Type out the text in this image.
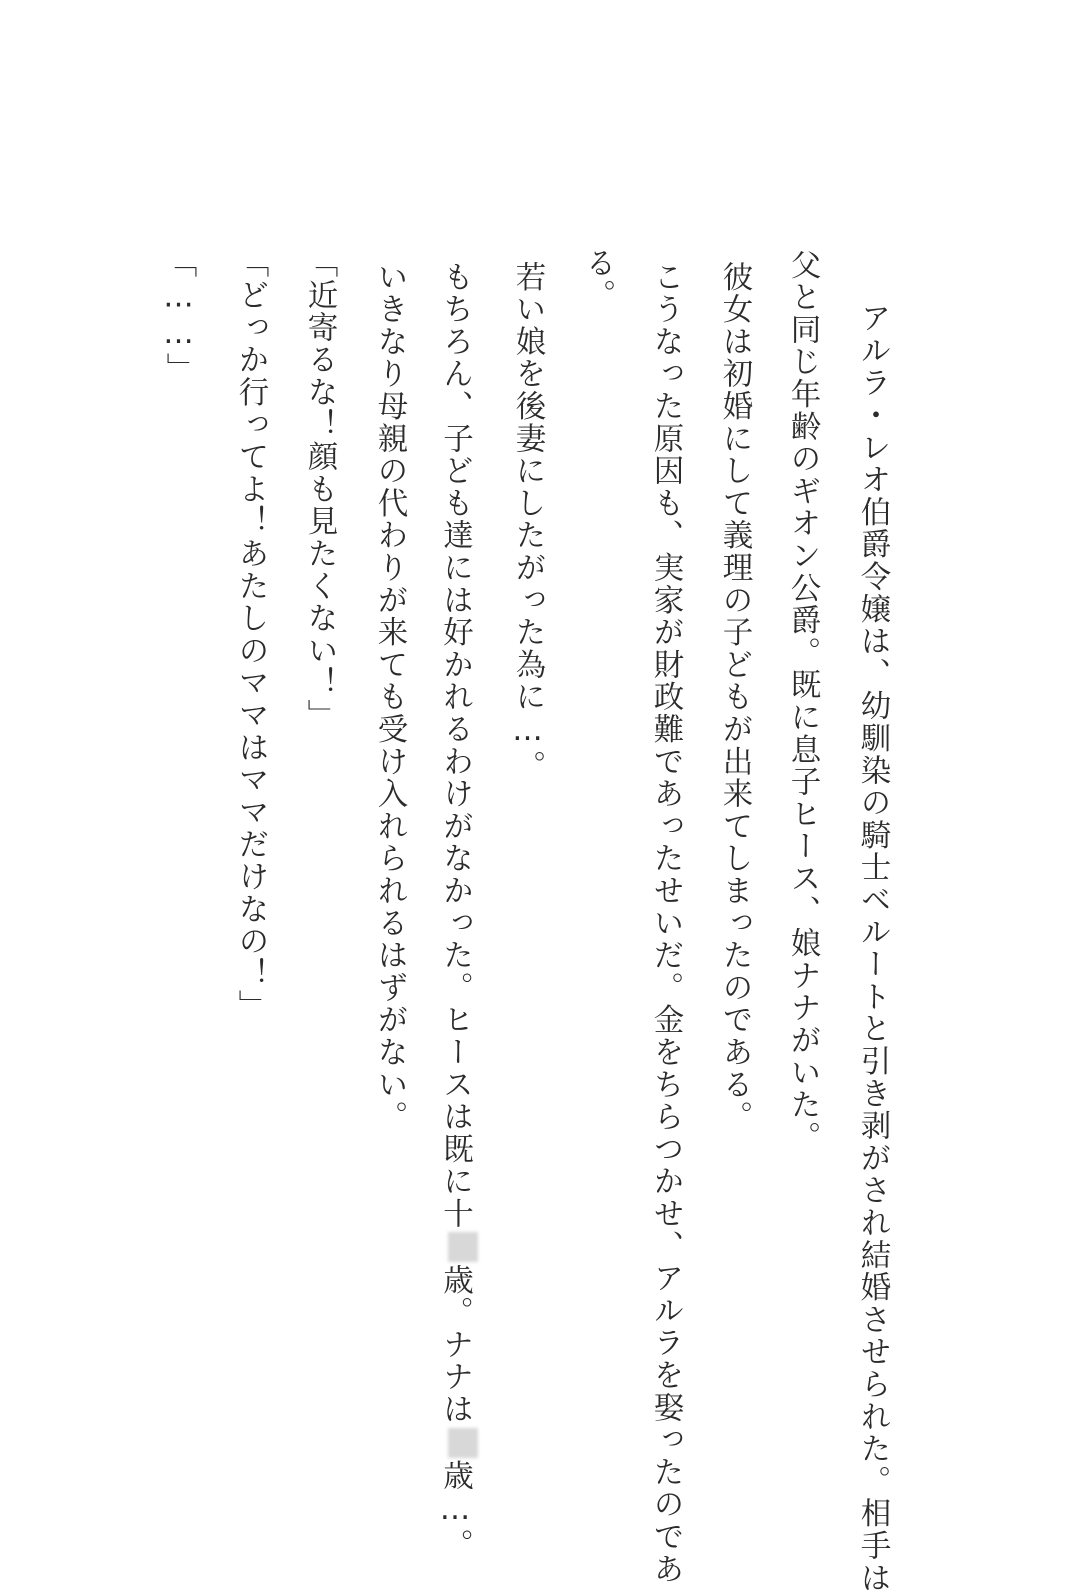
　アルラ・レオ伯爵令嬢は、幼馴染の騎士ベルートと引き剥がされ結婚させられた。相手は
父と同じ年齢のギオン公爵。既に息子ヒース、娘ナナがいた。
彼女は初婚にして義理の子どもが出来てしまったのである。
こうなった原因も、実家が財政難であったせいだ。金をちらつかせ、アルラを娶ったのであ
る。
若い娘を後妻にしたがった為に…。
もちろん、子ども達には好かれるわけがなかった。ヒースは既に十歳。ナナは歳…。
いきなり母親の代わりが来ても受け入れられるはずがない。
「近寄るな！顔も見たくない！」
「どっか行ってよ！あたしのママはママだけなの！」
「……」
